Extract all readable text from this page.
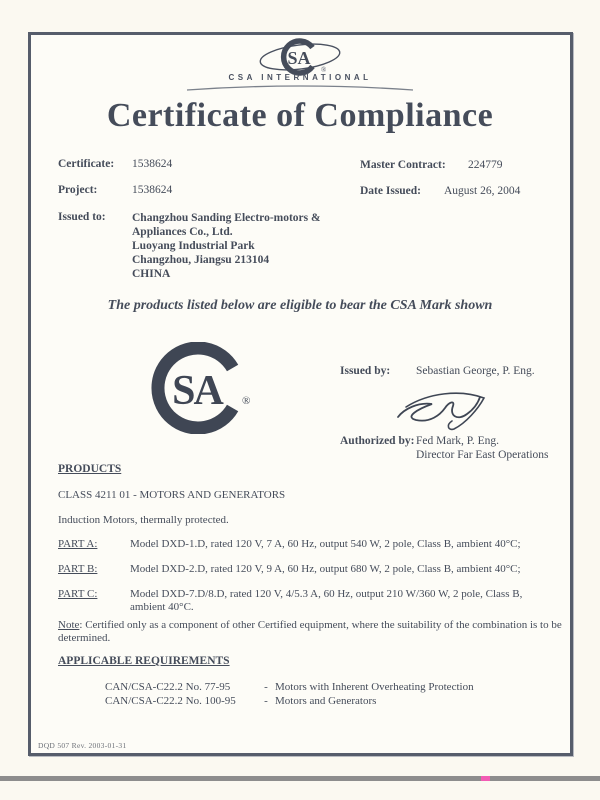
SA
®
CSA INTERNATIONAL
Certificate of Compliance
Certificate: 1538624
Project:	1538624
Master Contract: 224779
Date Issued: August 26, 2004
Issued to: Changzhou Sanding Electro-motors &
Appliances Co., Ltd.
Luoyang Industrial Park
Changzhou, Jiangsu 213104
CHINA
The products listed below are eligible to bear the CSA Mark shown
SA ®
Issued by: Sebastian George, P. Eng.
Authorized by: Fed Mark, P. Eng.
Director Far East Operations
PRODUCTS
CLASS 4211 01 - MOTORS AND GENERATORS
Induction Motors, thermally protected.
PART A:	Model DXD-1.D, rated 120 V, 7 A, 60 Hz, output 540 W, 2 pole, Class B, ambient 40°C;
PART B:	Model DXD-2.D, rated 120 V, 9 A, 60 Hz, output 680 W, 2 pole, Class B, ambient 40°C;
PART C:	Model DXD-7.D/8.D, rated 120 V, 4/5.3 A, 60 Hz, output 210 W/360 W, 2 pole, Class B, ambient 40°C.
Note: Certified only as a component of other Certified equipment, where the suitability of the combination is to be determined.
APPLICABLE REQUIREMENTS
CAN/CSA-C22.2 No. 77-95	- Motors with Inherent Overheating Protection
CAN/CSA-C22.2 No. 100-95	- Motors and Generators
DQD 507 Rev. 2003-01-31
